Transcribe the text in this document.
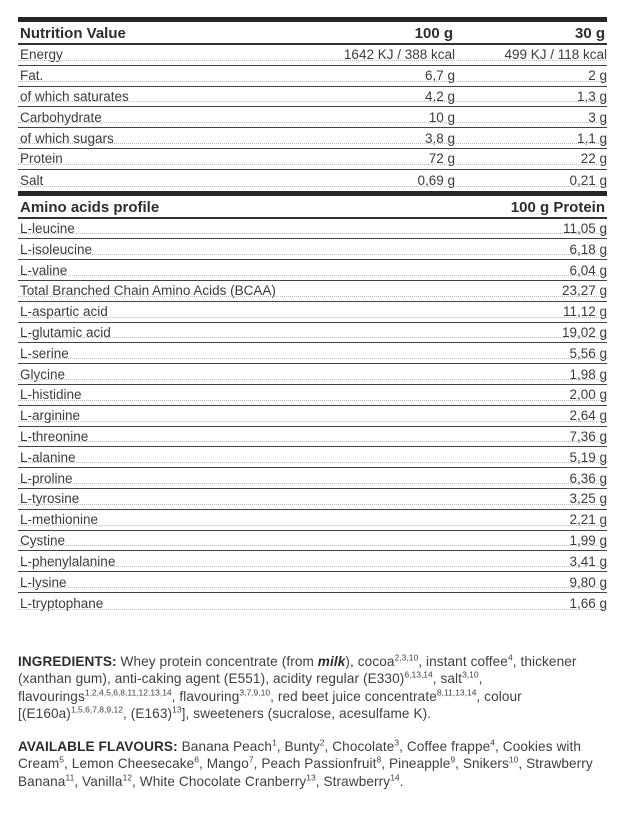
Nutrition Value	100 g	30 g
Energy	1642 KJ / 388 kcal	499 KJ / 118 kcal
Fat.	6,7 g	2 g
of which saturates	4,2 g	1,3 g
Carbohydrate	10 g	3 g
of which sugars	3,8 g	1,1 g
Protein	72 g	22 g
Salt	0,69 g	0,21 g
Amino acids profile	100 g Protein
L-leucine	11,05 g
L-isoleucine	6,18 g
L-valine	6,04 g
Total Branched Chain Amino Acids (BCAA)	23,27 g
L-aspartic acid	11,12 g
L-glutamic acid	19,02 g
L-serine	5,56 g
Glycine	1,98 g
L-histidine	2,00 g
L-arginine	2,64 g
L-threonine	7,36 g
L-alanine	5,19 g
L-proline	6,36 g
L-tyrosine	3,25 g
L-methionine	2,21 g
Cystine	1,99 g
L-phenylalanine	3,41 g
L-lysine	9,80 g
L-tryptophane	1,66 g

INGREDIENTS: Whey protein concentrate (from milk), cocoa$^{2,3,10}$, instant coffee$^4$, thickener (xanthan gum), anti-caking agent (E551), acidity regular $(E330)^{6,13,14}$, salt$^{3,10}$, flavourings$^{1,2,4,5,6,8,11,12,13,14}$, flavouring$^{3,7,9,10}$, red beet juice concentrate$^{8,11,13,14}$, colour [$(E160a)^{1,5,6,7,8,9,12}$, $(E163)^{13}$], sweeteners (sucralose, acesulfame K).

AVAILABLE FLAVOURS: Banana Peach$^1$, Bunty$^2$, Chocolate$^3$, Coffee frappe$^4$, Cookies with Cream$^5$, Lemon Cheesecake$^6$, Mango$^7$, Peach Passionfruit$^8$, Pineapple$^9$, Snikers$^{10}$, Strawberry Banana$^{11}$, Vanilla$^{12}$, White Chocolate Cranberry$^{13}$, Strawberry$^{14}$.
